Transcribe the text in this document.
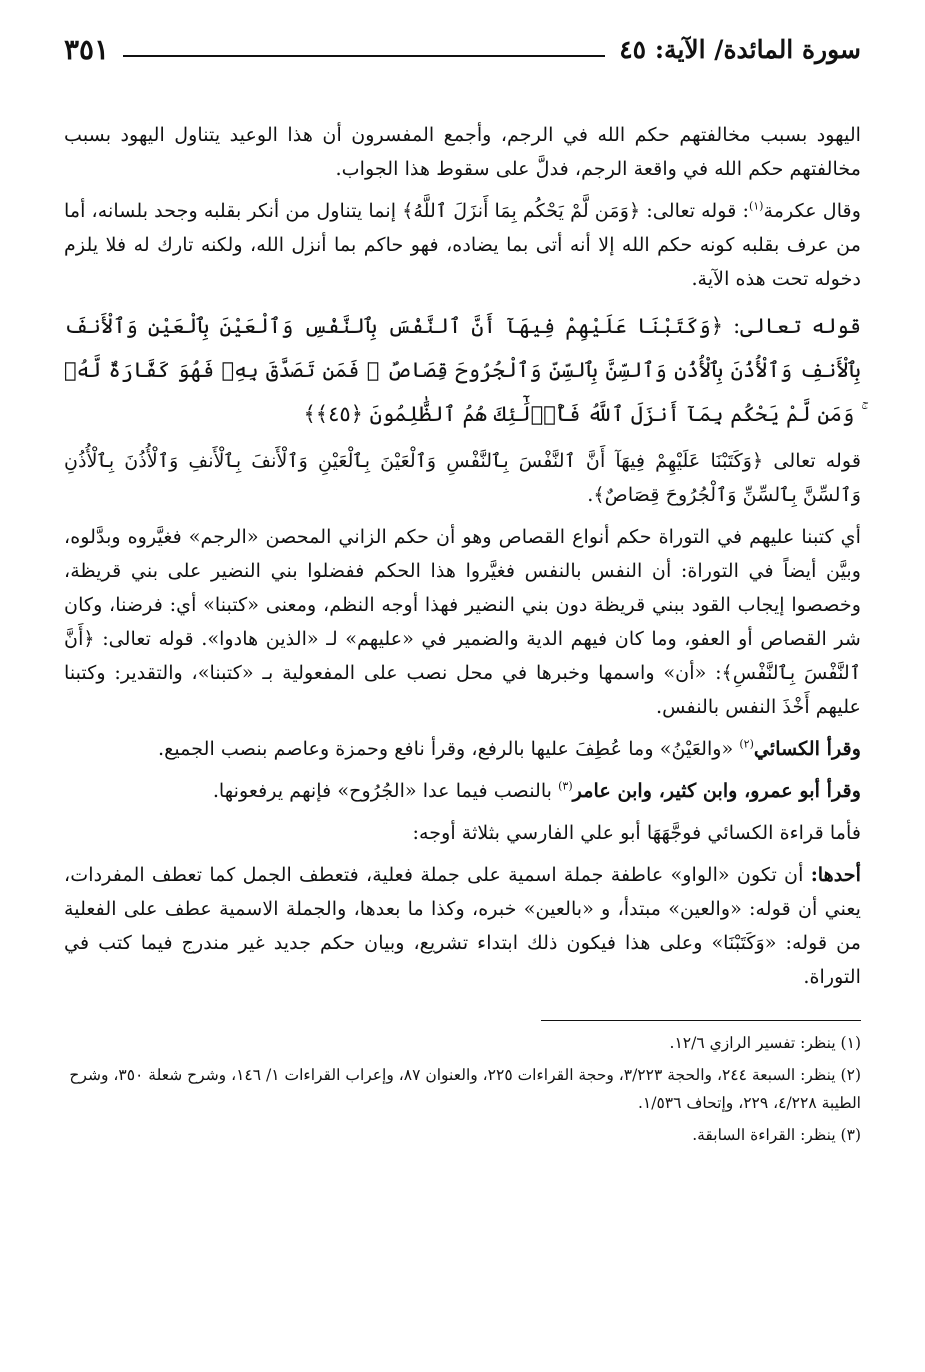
سورة المائدة/ الآية: ٤٥
٣٥١

اليهود بسبب مخالفتهم حكم الله في الرجم، وأجمع المفسرون أن هذا الوعيد يتناول اليهود بسبب مخالفتهم حكم الله في واقعة الرجم، فدلَّ على سقوط هذا الجواب.

وقال عكرمة$^{(١)}$: قوله تعالى: ﴿وَمَن لَّمْ يَحْكُم بِمَا أَنزَلَ ٱللَّهُ﴾ إنما يتناول من أنكر بقلبه وجحد بلسانه، أما من عرف بقلبه كونه حكم الله إلا أنه أتى بما يضاده، فهو حاكم بما أنزل الله، ولكنه تارك له فلا يلزم دخوله تحت هذه الآية.

قوله تعالى: ﴿وَكَتَبْنَا عَلَيْهِمْ فِيهَآ أَنَّ ٱلنَّفْسَ بِٱلنَّفْسِ وَٱلْعَيْنَ بِٱلْعَيْنِ وَٱلْأَنفَ بِٱلْأَنفِ وَٱلْأُذُنَ بِٱلْأُذُنِ وَٱلسِّنَّ بِٱلسِّنِّ وَٱلْجُرُوحَ قِصَاصٌ ۚ فَمَن تَصَدَّقَ بِهِۦ فَهُوَ كَفَّارَةٌ لَّهُۥ ۚ وَمَن لَّمْ يَحْكُم بِمَآ أَنزَلَ ٱللَّهُ فَأُو۟لَٰٓئِكَ هُمُ ٱلظَّٰلِمُونَ ﴿٤٥﴾﴾

قوله تعالى ﴿وَكَتَبْنَا عَلَيْهِمْ فِيهَآ أَنَّ ٱلنَّفْسَ بِٱلنَّفْسِ وَٱلْعَيْنَ بِٱلْعَيْنِ وَٱلْأَنفَ بِٱلْأَنفِ وَٱلْأُذُنَ بِٱلْأُذُنِ وَٱلسِّنَّ بِٱلسِّنِّ وَٱلْجُرُوحَ قِصَاصٌ﴾.

أي كتبنا عليهم في التوراة حكم أنواع القصاص وهو أن حكم الزاني المحصن «الرجم» فغيَّروه وبدَّلوه، وبيَّن أيضاً في التوراة: أن النفس بالنفس فغيَّروا هذا الحكم ففضلوا بني النضير على بني قريظة، وخصصوا إيجاب القود ببني قريظة دون بني النضير فهذا أوجه النظم، ومعنى «كتبنا» أي: فرضنا، وكان شر القصاص أو العفو، وما كان فيهم الدية والضمير في «عليهم» لـ «الذين هادوا». قوله تعالى: ﴿أَنَّ ٱلنَّفْسَ بِٱلنَّفْسِ﴾: «أن» واسمها وخبرها في محل نصب على المفعولية بـ «كتبنا»، والتقدير: وكتبنا عليهم أَخْذَ النفس بالنفس.

وقرأ الكسائي$^{(٢)}$ «والعَيْنُ» وما عُطِفَ عليها بالرفع، وقرأ نافع وحمزة وعاصم بنصب الجميع.

وقرأ أبو عمرو، وابن كثير، وابن عامر$^{(٣)}$ بالنصب فيما عدا «الجُرُوح» فإنهم يرفعونها.

فأما قراءة الكسائي فوجَّهَهَا أبو علي الفارسي بثلاثة أوجه:

أحدها: أن تكون «الواو» عاطفة جملة اسمية على جملة فعلية، فتعطف الجمل كما تعطف المفردات، يعني أن قوله: «والعين» مبتدأ، و «بالعين» خبره، وكذا ما بعدها، والجملة الاسمية عطف على الفعلية من قوله: «وَكَتَبْنَا» وعلى هذا فيكون ذلك ابتداء تشريع، وبيان حكم جديد غير مندرج فيما كتب في التوراة.

(١) ينظر: تفسير الرازي ١٢/٦.

(٢) ينظر: السبعة ٢٤٤، والحجة ٣/٢٢٣، وحجة القراءات ٢٢٥، والعنوان ٨٧، وإعراب القراءات ١/ ١٤٦، وشرح شعلة ٣٥٠، وشرح الطيبة ٤/٢٢٨، ٢٢٩، وإتحاف ١/٥٣٦.

(٣) ينظر: القراءة السابقة.
